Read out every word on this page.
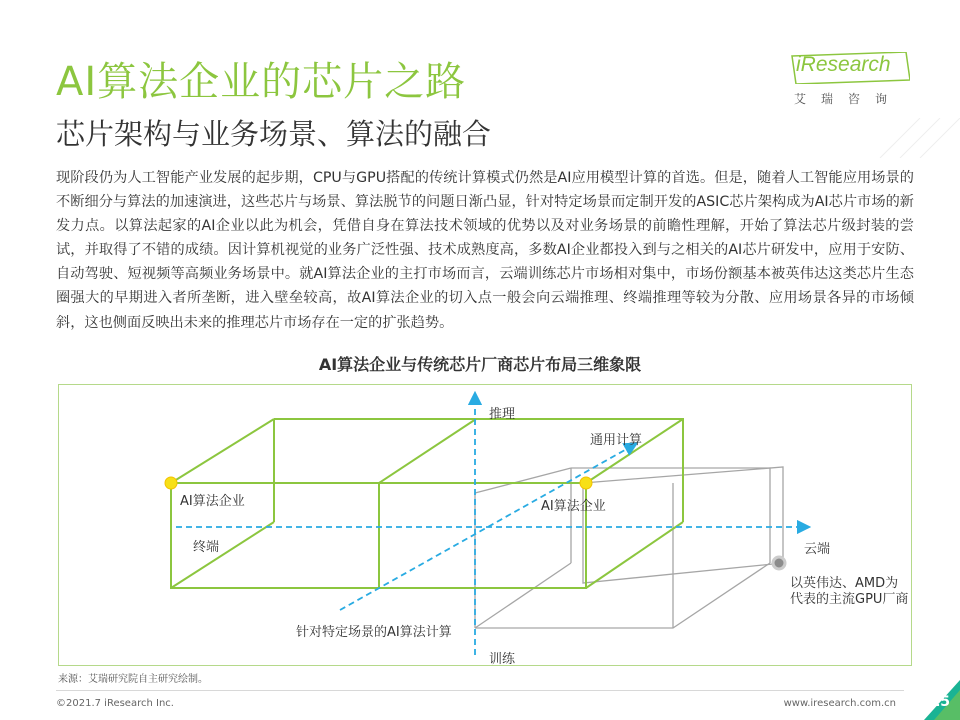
AI算法企业的芯片之路
芯片架构与业务场景、算法的融合
iResearch
艾瑞咨询

现阶段仍为人工智能产业发展的起步期，CPU与GPU搭配的传统计算模式仍然是AI应用模型计算的首选。但是，随着人工智能应用场景的不断细分与算法的加速演进，这些芯片与场景、算法脱节的问题日渐凸显，针对特定场景而定制开发的ASIC芯片架构成为AI芯片市场的新发力点。以算法起家的AI企业以此为机会，凭借自身在算法技术领域的优势以及对业务场景的前瞻性理解，开始了算法芯片级封装的尝试，并取得了不错的成绩。因计算机视觉的业务广泛性强、技术成熟度高，多数AI企业都投入到与之相关的AI芯片研发中，应用于安防、自动驾驶、短视频等高频业务场景中。就AI算法企业的主打市场而言，云端训练芯片市场相对集中，市场份额基本被英伟达这类芯片生态圈强大的早期进入者所垄断，进入壁垒较高，故AI算法企业的切入点一般会向云端推理、终端推理等较为分散、应用场景各异的市场倾斜，这也侧面反映出未来的推理芯片市场存在一定的扩张趋势。

AI算法企业与传统芯片厂商芯片布局三维象限
推理
训练
云端
终端
通用计算
针对特定场景的AI算法计算
AI算法企业	AI算法企业

以英伟达、AMD为代表的主流GPU厂商

来源：艾瑞研究院自主研究绘制。
©2021.7 iResearch Inc.	www.iresearch.com.cn 25
